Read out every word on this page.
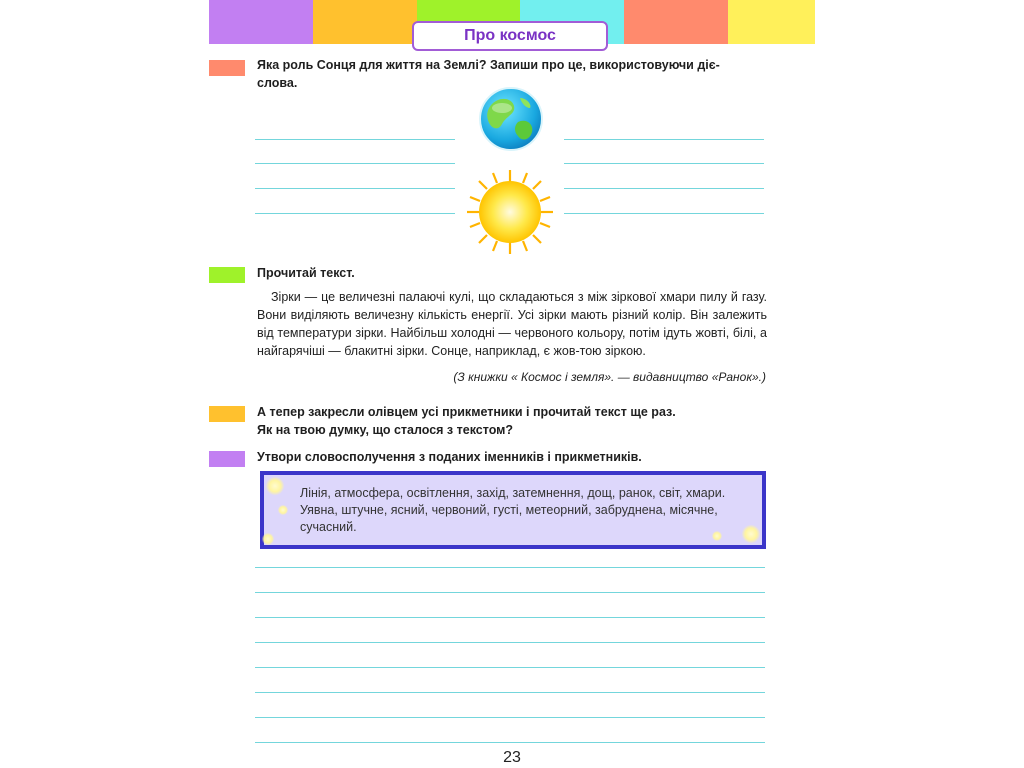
Про космос
Яка роль Сонця для життя на Землі? Запиши про це, використовуючи діє-
слова.
Прочитай текст.

Зірки — це величезні палаючі кулі, що складаються з між зіркової хмари пилу й газу. Вони виділяють величезну кількість енергії. Усі зірки мають різний колір. Він залежить від температури зірки. Найбільш холодні — червоного кольору, потім ідуть жовті, білі, а найгарячіші — блакитні зірки. Сонце, наприклад, є жов-тою зіркою.

(З книжки « Космос і земля». — видавництво «Ранок».)
А тепер закресли олівцем усі прикметники і прочитай текст ще раз.
Як на твою думку, що сталося з текстом?
Утвори словосполучення з поданих іменників і прикметників.
Лінія, атмосфера, освітлення, захід, затемнення, дощ, ранок, світ, хмари. Уявна, штучне, ясний, червоний, густі, метеорний, забруднена, місячне, сучасний.
23
